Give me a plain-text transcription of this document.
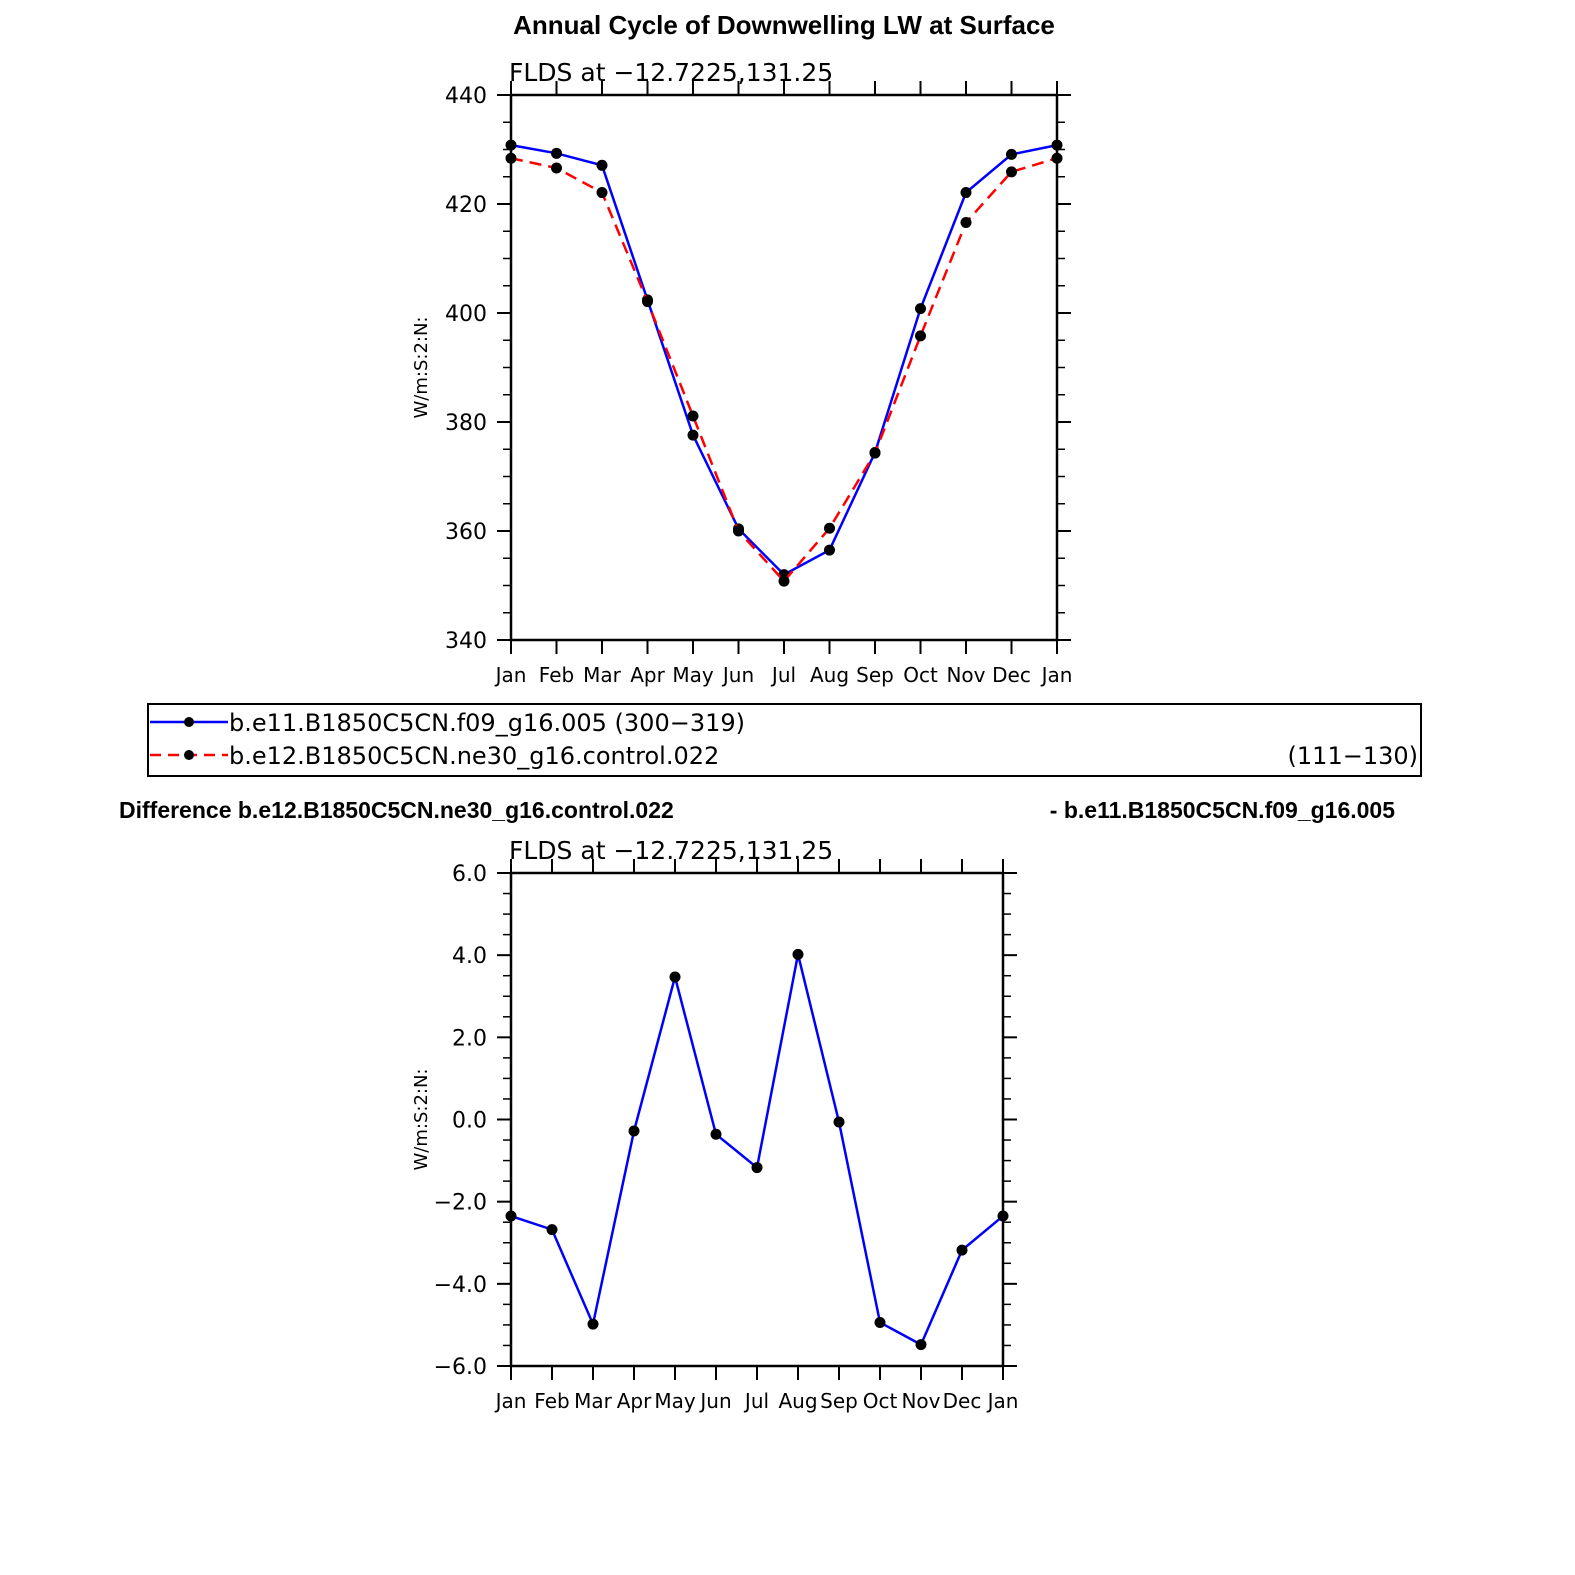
Annual Cycle of Downwelling LW at Surface
FLDS at −12.7225,131.25
Jan Feb Mar Apr May Jun Jul Aug Sep Oct Nov Dec Jan
340
360
380
400
420
440
W/m:S:2:N:
b.e11.B1850C5CN.f09_g16.005 (300−319)
b.e12.B1850C5CN.ne30_g16.control.022	(111−130)
Difference b.e12.B1850C5CN.ne30_g16.control.022	- b.e11.B1850C5CN.f09_g16.005
FLDS at −12.7225,131.25
Jan Feb Mar Apr May Jun Jul Aug Sep Oct Nov Dec Jan
−6.0
−4.0
−2.0
0.0
2.0
4.0
6.0
W/m:S:2:N:
